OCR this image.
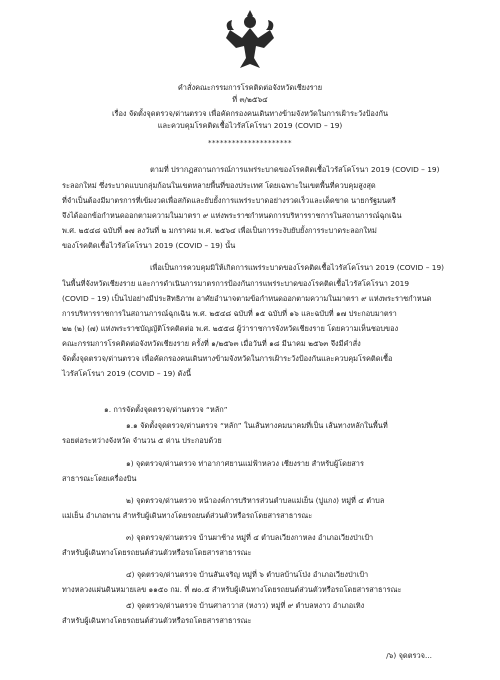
คำสั่งคณะกรรมการโรคติดต่อจังหวัดเชียงราย
ที่ ๓/๒๕๖๔
เรื่อง จัดตั้งจุดตรวจ/ด่านตรวจ เพื่อคัดกรองคนเดินทางข้ามจังหวัดในการเฝ้าระวังป้องกัน
และควบคุมโรคติดเชื้อไวรัสโคโรนา 2019 (COVID – 19)
*********************
ตามที่ ปรากฏสถานการณ์การแพร่ระบาดของโรคติดเชื้อไวรัสโคโรนา 2019 (COVID – 19)
ระลอกใหม่ ซึ่งระบาดแบบกลุ่มก้อนในเขตหลายพื้นที่ของประเทศ โดยเฉพาะในเขตพื้นที่ควบคุมสูงสุด
ที่จำเป็นต้องมีมาตรการที่เข้มงวดเพื่อสกัดและยับยั้งการแพร่ระบาดอย่างรวดเร็วและเด็ดขาด นายกรัฐมนตรี
จึงได้ออกข้อกำหนดออกตามความในมาตรา ๙ แห่งพระราชกำหนดการบริหารราชการในสถานการณ์ฉุกเฉิน
พ.ศ. ๒๕๔๘ ฉบับที่ ๑๗ ลงวันที่ ๒ มกราคม พ.ศ. ๒๕๖๔ เพื่อเป็นการระงับยับยั้งการระบาดระลอกใหม่
ของโรคติดเชื้อไวรัสโคโรนา 2019 (COVID – 19) นั้น
เพื่อเป็นการควบคุมมิให้เกิดการแพร่ระบาดของโรคติดเชื้อไวรัสโคโรนา 2019 (COVID – 19)
ในพื้นที่จังหวัดเชียงราย และการดำเนินการมาตรการป้องกันการแพร่ระบาดของโรคติดเชื้อไวรัสโคโรนา 2019
(COVID – 19) เป็นไปอย่างมีประสิทธิภาพ อาศัยอำนาจตามข้อกำหนดออกตามความในมาตรา ๙ แห่งพระราชกำหนด
การบริหารราชการในสถานการณ์ฉุกเฉิน พ.ศ. ๒๕๔๘ ฉบับที่ ๑๕ ฉบับที่ ๑๖ และฉบับที่ ๑๗ ประกอบมาตรา
๒๒ (๒) (๗) แห่งพระราชบัญญัติโรคติดต่อ พ.ศ. ๒๕๕๘ ผู้ว่าราชการจังหวัดเชียงราย โดยความเห็นชอบของ
คณะกรรมการโรคติดต่อจังหวัดเชียงราย ครั้งที่ ๑/๒๕๖๓ เมื่อวันที่ ๑๘ มีนาคม ๒๕๖๓ จึงมีคำสั่ง
จัดตั้งจุดตรวจ/ด่านตรวจ เพื่อคัดกรองคนเดินทางข้ามจังหวัดในการเฝ้าระวังป้องกันและควบคุมโรคติดเชื้อ
ไวรัสโคโรนา 2019 (COVID – 19) ดังนี้
๑. การจัดตั้งจุดตรวจ/ด่านตรวจ “หลัก”
๑.๑ จัดตั้งจุดตรวจ/ด่านตรวจ “หลัก” ในเส้นทางคมนาคมที่เป็น เส้นทางหลักในพื้นที่
รอยต่อระหว่างจังหวัด จำนวน ๕ ด่าน ประกอบด้วย
๑) จุดตรวจ/ด่านตรวจ ท่าอากาศยานแม่ฟ้าหลวง เชียงราย สำหรับผู้โดยสาร
สาธารณะโดยเครื่องบิน
๒) จุดตรวจ/ด่านตรวจ หน้าองค์การบริหารส่วนตำบลแม่เย็น (ปูแกง) หมู่ที่ ๔ ตำบล
แม่เย็น อำเภอพาน สำหรับผู้เดินทางโดยรถยนต์ส่วนตัวหรือรถโดยสารสาธารณะ
๓) จุดตรวจ/ด่านตรวจ บ้านผาช้าง หมู่ที่ ๔ ตำบลเวียงกาหลง อำเภอเวียงป่าเป้า
สำหรับผู้เดินทางโดยรถยนต์ส่วนตัวหรือรถโดยสารสาธารณะ
๔) จุดตรวจ/ด่านตรวจ บ้านสันเจริญ หมู่ที่ ๖ ตำบลบ้านโป่ง อำเภอเวียงป่าเป้า
ทางหลวงแผ่นดินหมายเลข ๑๑๕๐ กม. ที่ ๗๐.๕ สำหรับผู้เดินทางโดยรถยนต์ส่วนตัวหรือรถโดยสารสาธารณะ
๕) จุดตรวจ/ด่านตรวจ บ้านศาลาวาส (หงาว) หมู่ที่ ๙ ตำบลหงาว อำเภอเทิง
สำหรับผู้เดินทางโดยรถยนต์ส่วนตัวหรือรถโดยสารสาธารณะ
/๖) จุดตรวจ...
